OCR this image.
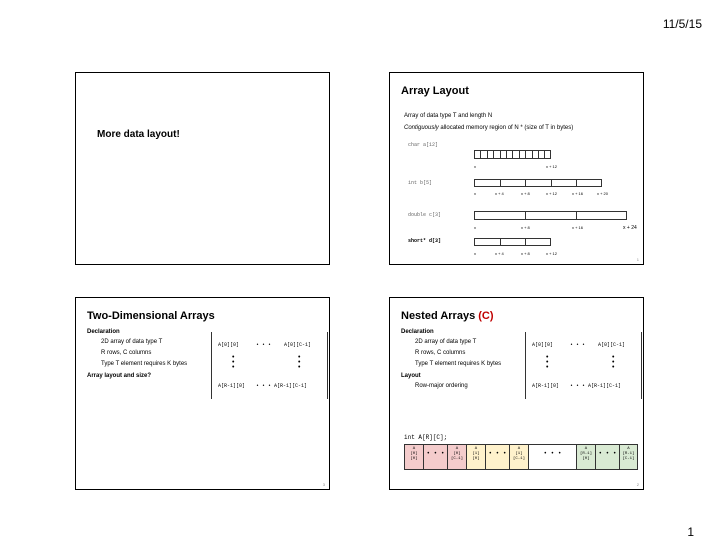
11/5/15
More data layout!
Array Layout
Array of data type T and length N
Contiguously allocated memory region of N * (size of T in bytes)
char a[12]
x	x + 12
int b[5]
x	x + 4	x + 8	x + 12	x + 16	x + 20
double c[3]
x	x + 8	x + 16	x + 24
short* d[3]
x	x + 4	x + 8	x + 12
1
Two-Dimensional Arrays
Declaration
2D array of data type T
R rows, C columns
Type T element requires K bytes
Array layout and size?
A[0][0]	• • •	A[0][C-1]
•
•
•
•
•
•
A[R-1][0] • • • A[R-1][C-1]
3
Nested Arrays (C)
Declaration
2D array of data type T
R rows, C columns
Type T element requires K bytes
Layout
Row-major ordering
A[0][0]	• • •	A[0][C-1]
•
•
•
•
•
•
A[R-1][0] • • • A[R-1][C-1]
int A[R][C];
A
[0]
[0]
• • •
A
[0]
[C-1]
A
[1]
[0]
• • •
A
[1]
[C-1]
• • •
A
[R-1]
[0]
• • •
A
[R-1]
[C-1]
2
1
